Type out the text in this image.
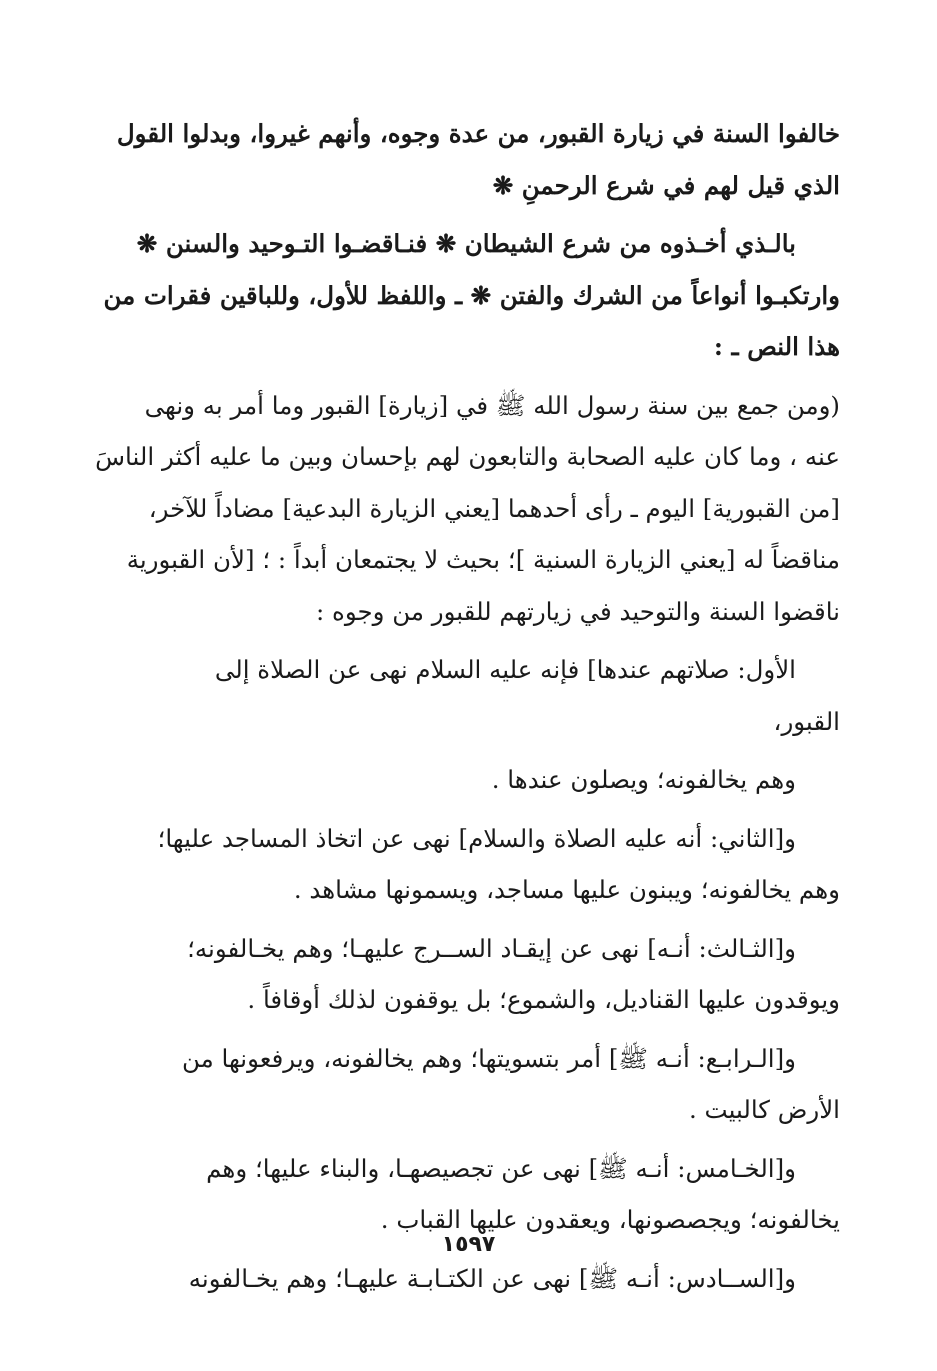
خالفوا السنة في زيارة القبور، من عدة وجوه، وأنهم غيروا، وبدلوا القول
الذي قيل لهم في شرع الرحمنِ ❋

بالـذي أخـذوه من شرع الشيطان ❋ فنـاقضـوا التـوحيد والسنن ❋
وارتكبـوا أنواعاً من الشرك والفتن ❋ ـ واللفظ للأول، وللباقين فقرات من
هذا النص ـ :

(ومن جمع بين سنة رسول الله ﷺ في [زيارة] القبور وما أمر به ونهى
عنه ، وما كان عليه الصحابة والتابعون لهم بإحسان وبين ما عليه أكثر الناسَ
[من القبورية] اليوم ـ رأى أحدهما [يعني الزيارة البدعية] مضاداً للآخر،
مناقضاً له [يعني الزيارة السنية ]؛ بحيث لا يجتمعان أبداً : ؛ [لأن القبورية
ناقضوا السنة والتوحيد في زيارتهم للقبور من وجوه :

الأول: صلاتهم عندها] فإنه عليه السلام نهى عن الصلاة إلى
القبور،

وهم يخالفونه؛ ويصلون عندها .

و[الثاني: أنه عليه الصلاة والسلام] نهى عن اتخاذ المساجد عليها؛
وهم يخالفونه؛ ويبنون عليها مساجد، ويسمونها مشاهد .

و[الثـالث: أنـه] نهى عن إيقـاد الســرج عليهـا؛ وهم يخـالفونه؛
ويوقدون عليها القناديل، والشموع؛ بل يوقفون لذلك أوقافاً .

و[الـرابـع: أنـه ﷺ] أمر بتسويتها؛ وهم يخالفونه، ويرفعونها من
الأرض كالبيت .

و[الخـامس: أنـه ﷺ] نهى عن تجصيصهـا، والبناء عليها؛ وهم
يخالفونه؛ ويجصصونها، ويعقدون عليها القباب .

و[الســادس: أنـه ﷺ] نهى عن الكتـابـة عليهـا؛ وهم يخـالفونه

١٥٩٧
